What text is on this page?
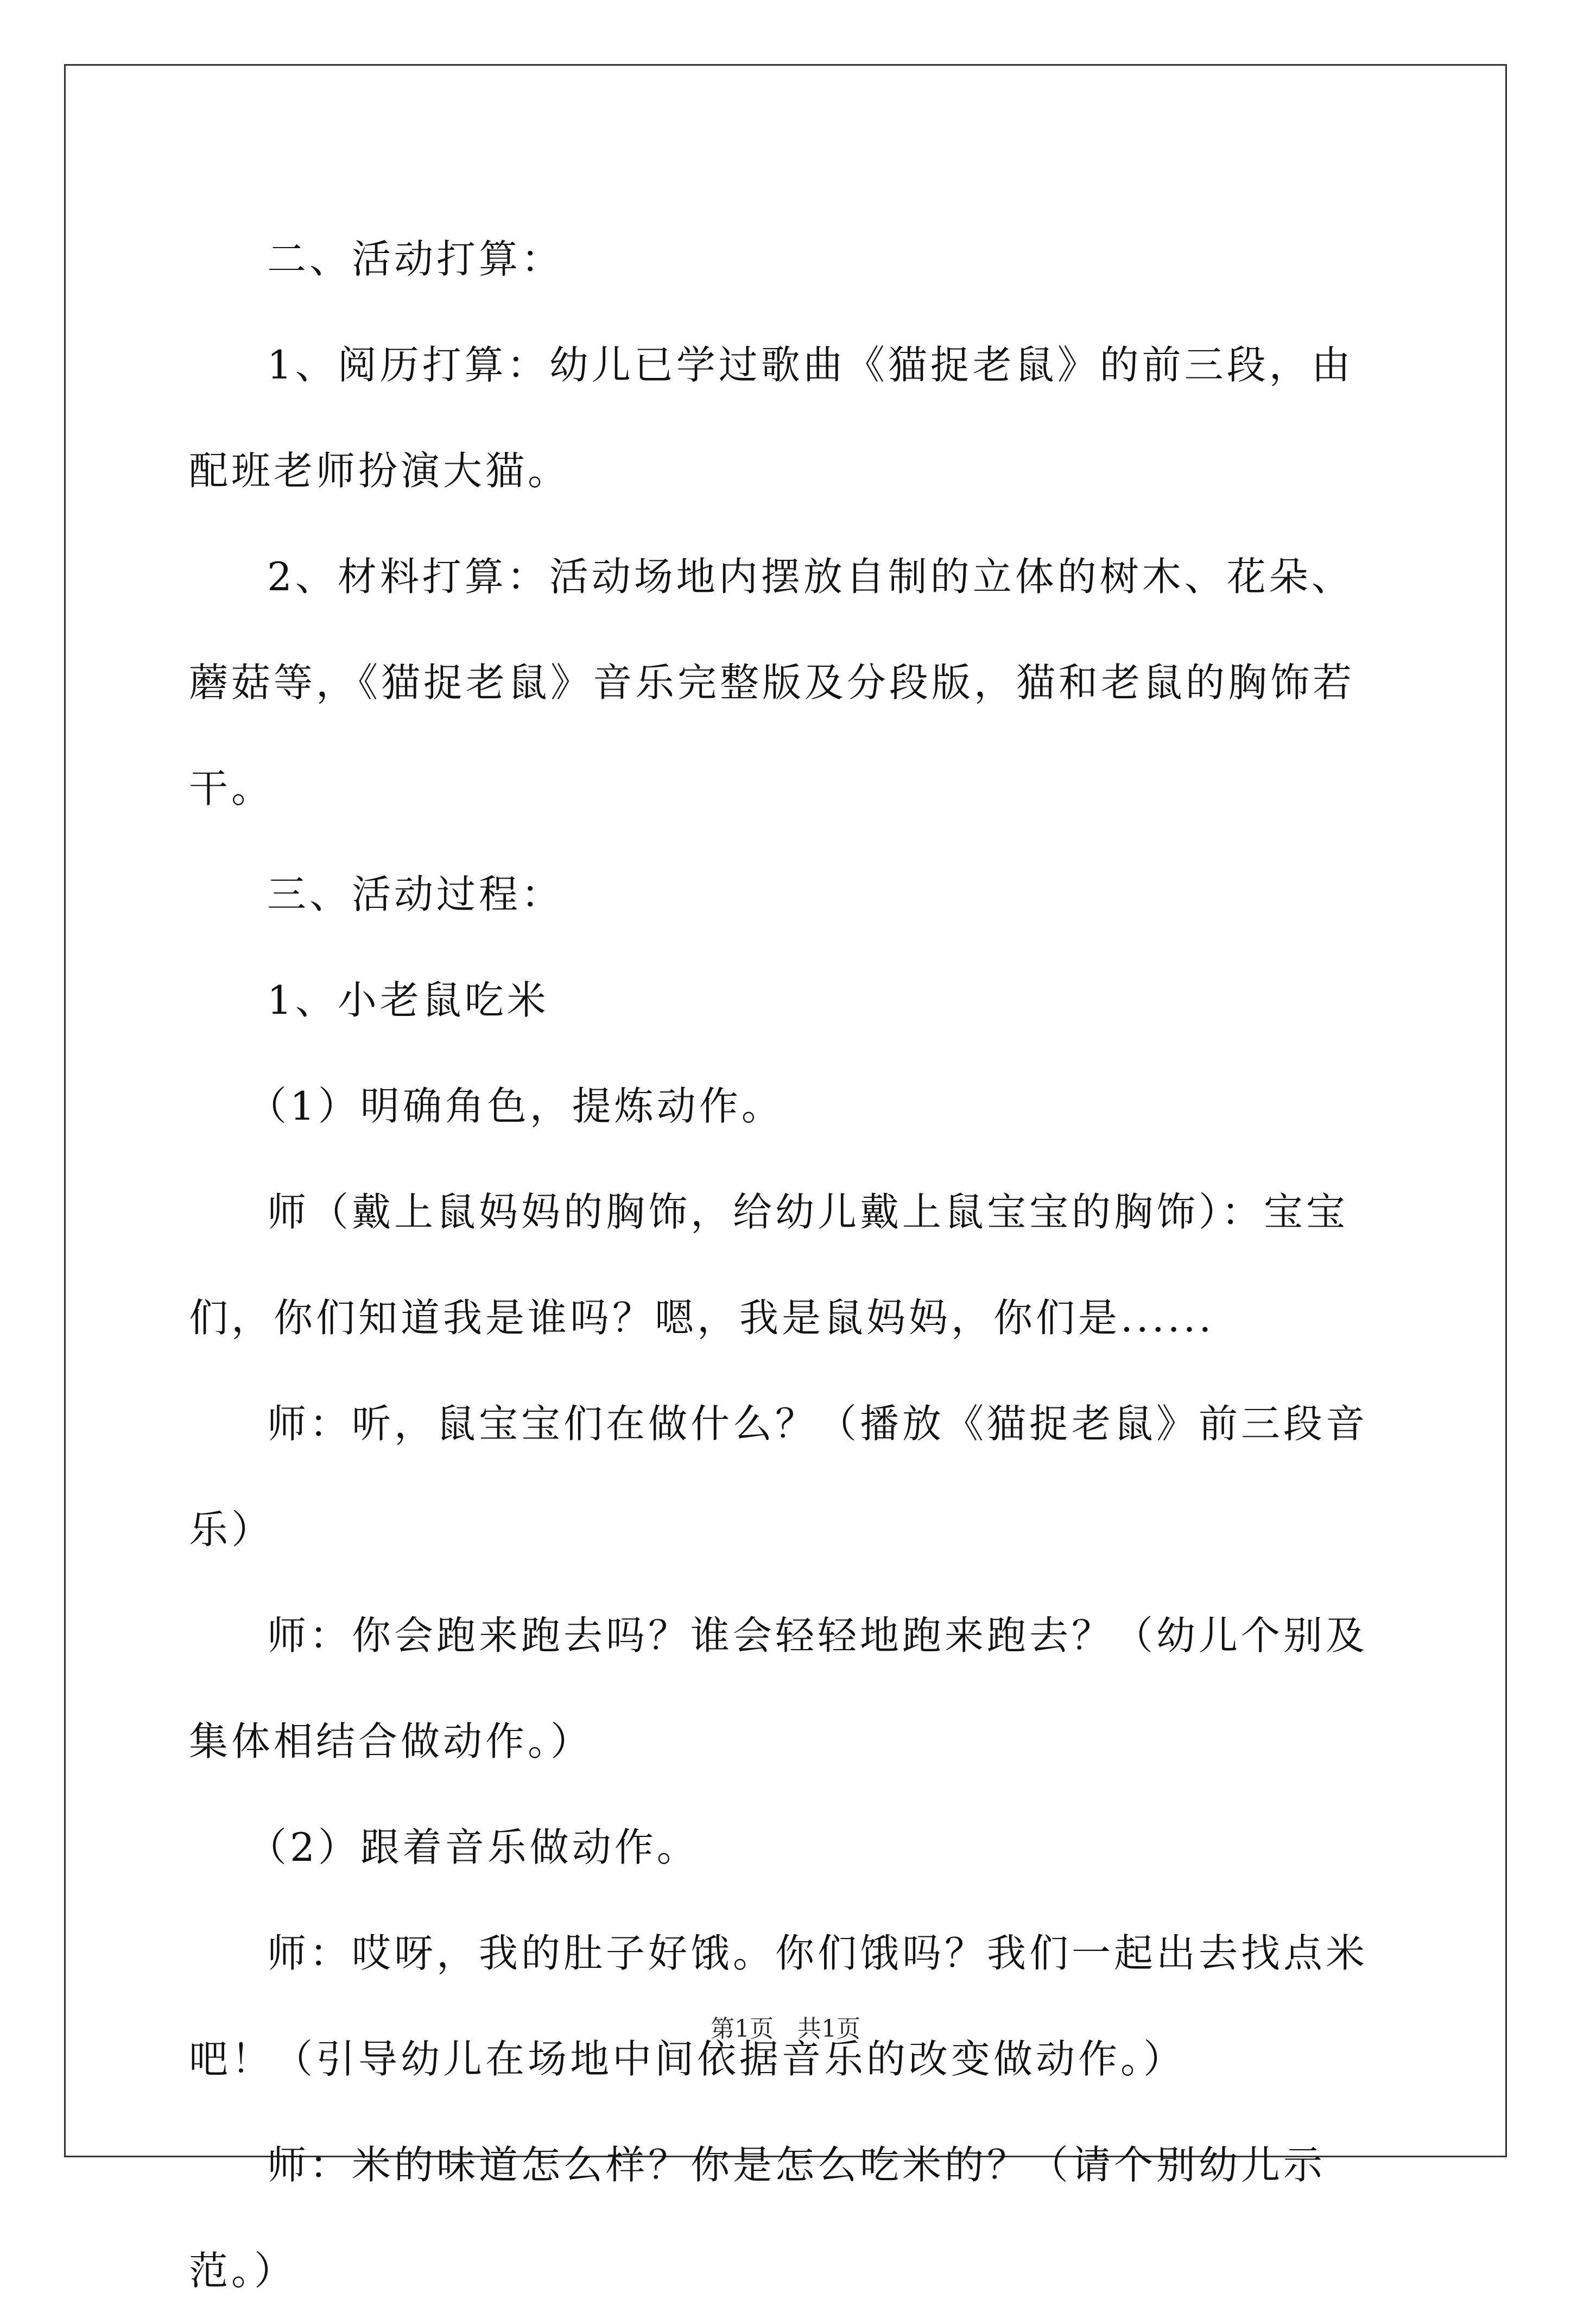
二、活动打算：

1、阅历打算：幼儿已学过歌曲《猫捉老鼠》的前三段，由配班老师扮演大猫。

2、材料打算：活动场地内摆放自制的立体的树木、花朵、蘑菇等，《猫捉老鼠》音乐完整版及分段版，猫和老鼠的胸饰若干。

三、活动过程：

1、小老鼠吃米

（1）明确角色，提炼动作。

师（戴上鼠妈妈的胸饰，给幼儿戴上鼠宝宝的胸饰）：宝宝们，你们知道我是谁吗？嗯，我是鼠妈妈，你们是......

师：听，鼠宝宝们在做什么？（播放《猫捉老鼠》前三段音乐）

师：你会跑来跑去吗？谁会轻轻地跑来跑去？（幼儿个别及集体相结合做动作。）

（2）跟着音乐做动作。

师：哎呀，我的肚子好饿。你们饿吗？我们一起出去找点米吧！（引导幼儿在场地中间依据音乐的改变做动作。）

师：米的味道怎么样？你是怎么吃米的？（请个别幼儿示范。）

第1页　共1页
